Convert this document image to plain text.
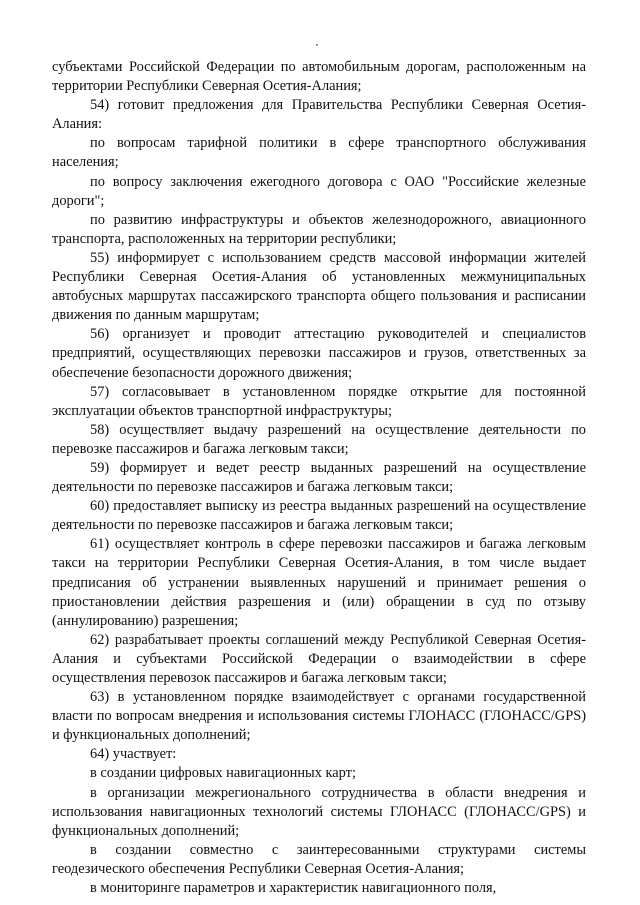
субъектами Российской Федерации по автомобильным дорогам, расположенным на территории Республики Северная Осетия-Алания;

54) готовит предложения для Правительства Республики Северная Осетия-Алания:

по вопросам тарифной политики в сфере транспортного обслуживания населения;

по вопросу заключения ежегодного договора с ОАО "Российские железные дороги";

по развитию инфраструктуры и объектов железнодорожного, авиационного транспорта, расположенных на территории республики;

55) информирует с использованием средств массовой информации жителей Республики Северная Осетия-Алания об установленных межмуниципальных автобусных маршрутах пассажирского транспорта общего пользования и расписании движения по данным маршрутам;

56) организует и проводит аттестацию руководителей и специалистов предприятий, осуществляющих перевозки пассажиров и грузов, ответственных за обеспечение безопасности дорожного движения;

57) согласовывает в установленном порядке открытие для постоянной эксплуатации объектов транспортной инфраструктуры;

58) осуществляет выдачу разрешений на осуществление деятельности по перевозке пассажиров и багажа легковым такси;

59) формирует и ведет реестр выданных разрешений на осуществление деятельности по перевозке пассажиров и багажа легковым такси;

60) предоставляет выписку из реестра выданных разрешений на осуществление деятельности по перевозке пассажиров и багажа легковым такси;

61) осуществляет контроль в сфере перевозки пассажиров и багажа легковым такси на территории Республики Северная Осетия-Алания, в том числе выдает предписания об устранении выявленных нарушений и принимает решения о приостановлении действия разрешения и (или) обращении в суд по отзыву (аннулированию) разрешения;

62) разрабатывает проекты соглашений между Республикой Северная Осетия-Алания и субъектами Российской Федерации о взаимодействии в сфере осуществления перевозок пассажиров и багажа легковым такси;

63) в установленном порядке взаимодействует с органами государственной власти по вопросам внедрения и использования системы ГЛОНАСС (ГЛОНАСС/GPS) и функциональных дополнений;

64) участвует:

в создании цифровых навигационных карт;

в организации межрегионального сотрудничества в области внедрения и использования навигационных технологий системы ГЛОНАСС (ГЛОНАСС/GPS) и функциональных дополнений;

в создании совместно с заинтересованными структурами системы геодезического обеспечения Республики Северная Осетия-Алания;

в мониторинге параметров и характеристик навигационного поля,
